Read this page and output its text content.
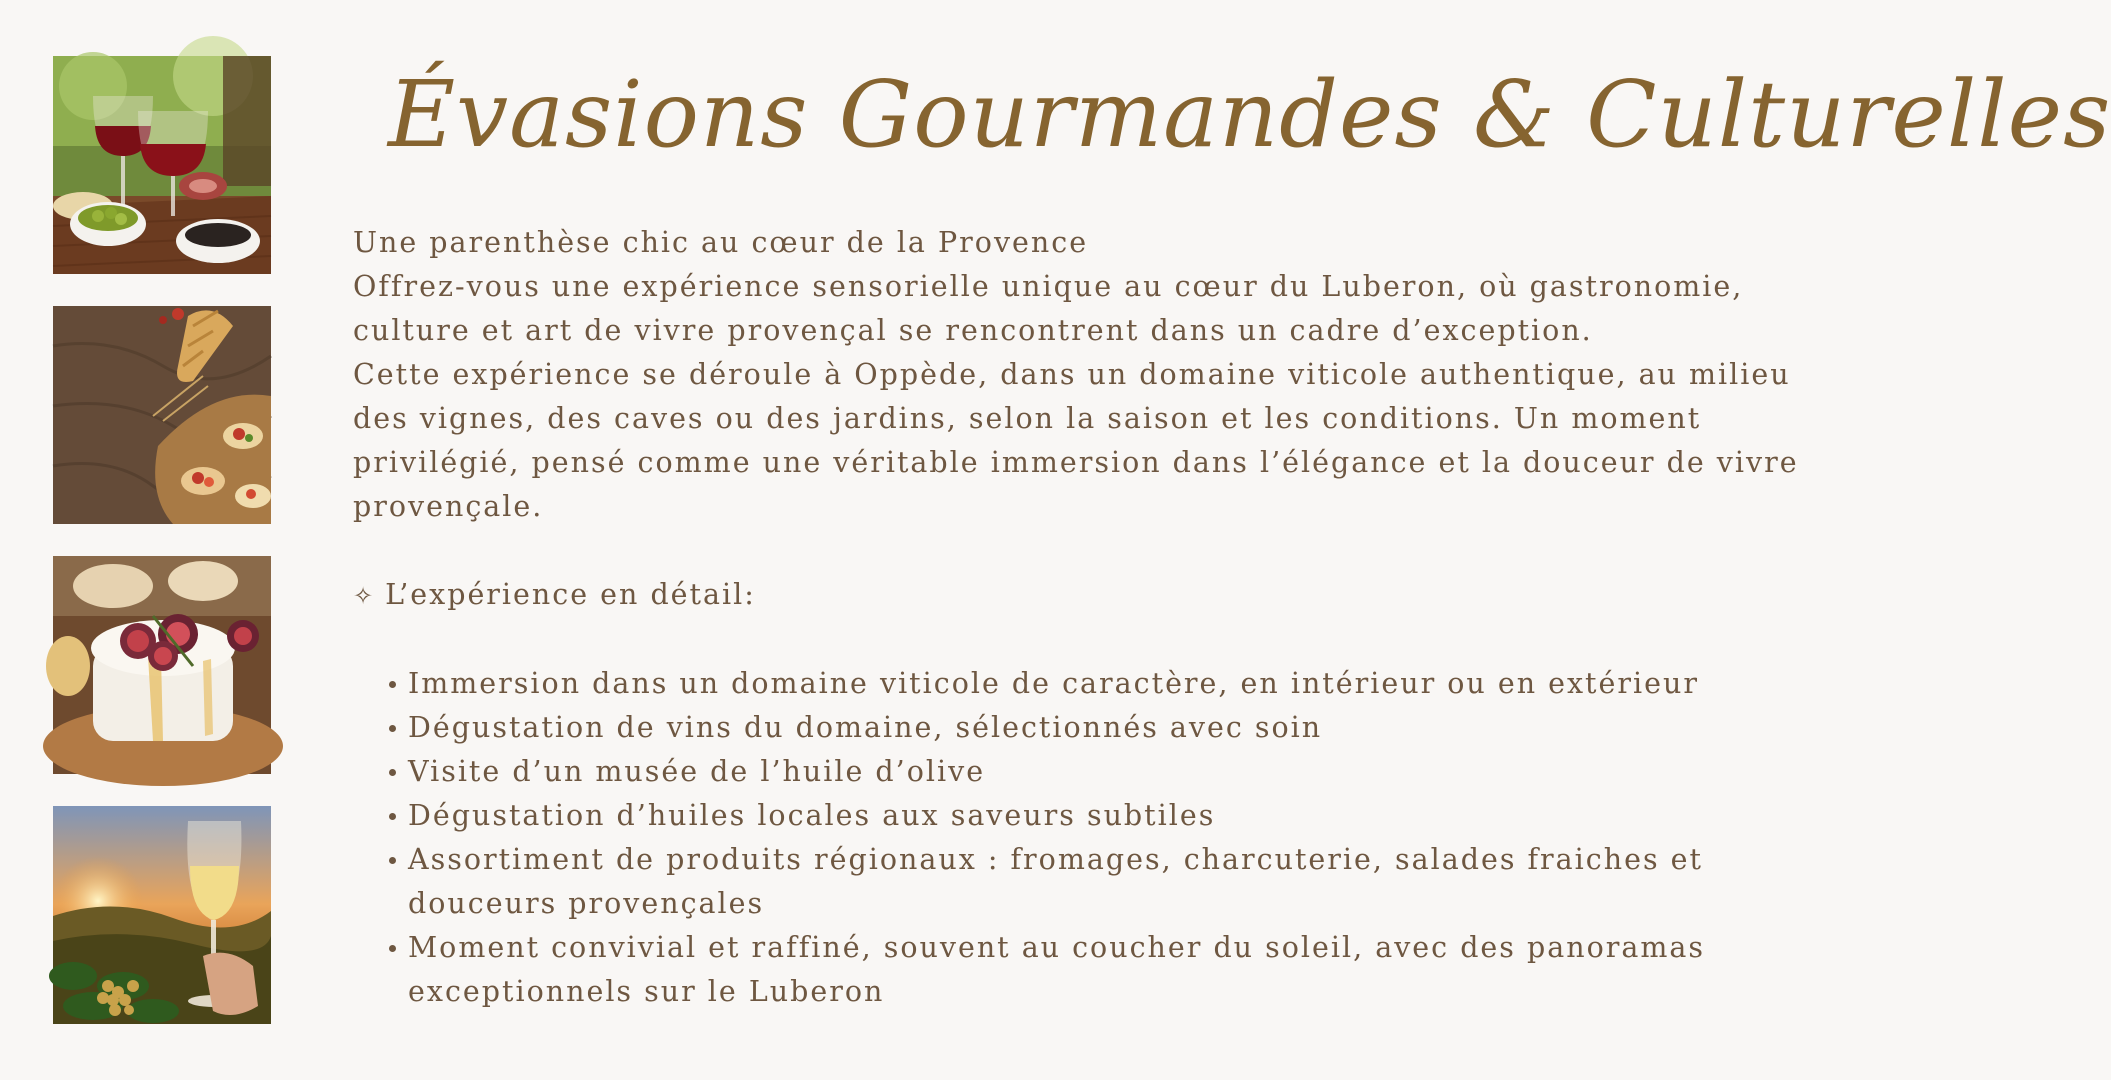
Évasions Gourmandes & Culturelles

Une parenthèse chic au cœur de la Provence

Offrez-vous une expérience sensorielle unique au cœur du Luberon, où gastronomie, culture et art de vivre provençal se rencontrent dans un cadre d’exception.

Cette expérience se déroule à Oppède, dans un domaine viticole authentique, au milieu des vignes, des caves ou des jardins, selon la saison et les conditions. Un moment privilégié, pensé comme une véritable immersion dans l’élégance et la douceur de vivre provençale.

✧ L’expérience en détail:

Immersion dans un domaine viticole de caractère, en intérieur ou en extérieur
Dégustation de vins du domaine, sélectionnés avec soin
Visite d’un musée de l’huile d’olive
Dégustation d’huiles locales aux saveurs subtiles
Assortiment de produits régionaux : fromages, charcuterie, salades fraiches et douceurs provençales
Moment convivial et raffiné, souvent au coucher du soleil, avec des panoramas exceptionnels sur le Luberon
